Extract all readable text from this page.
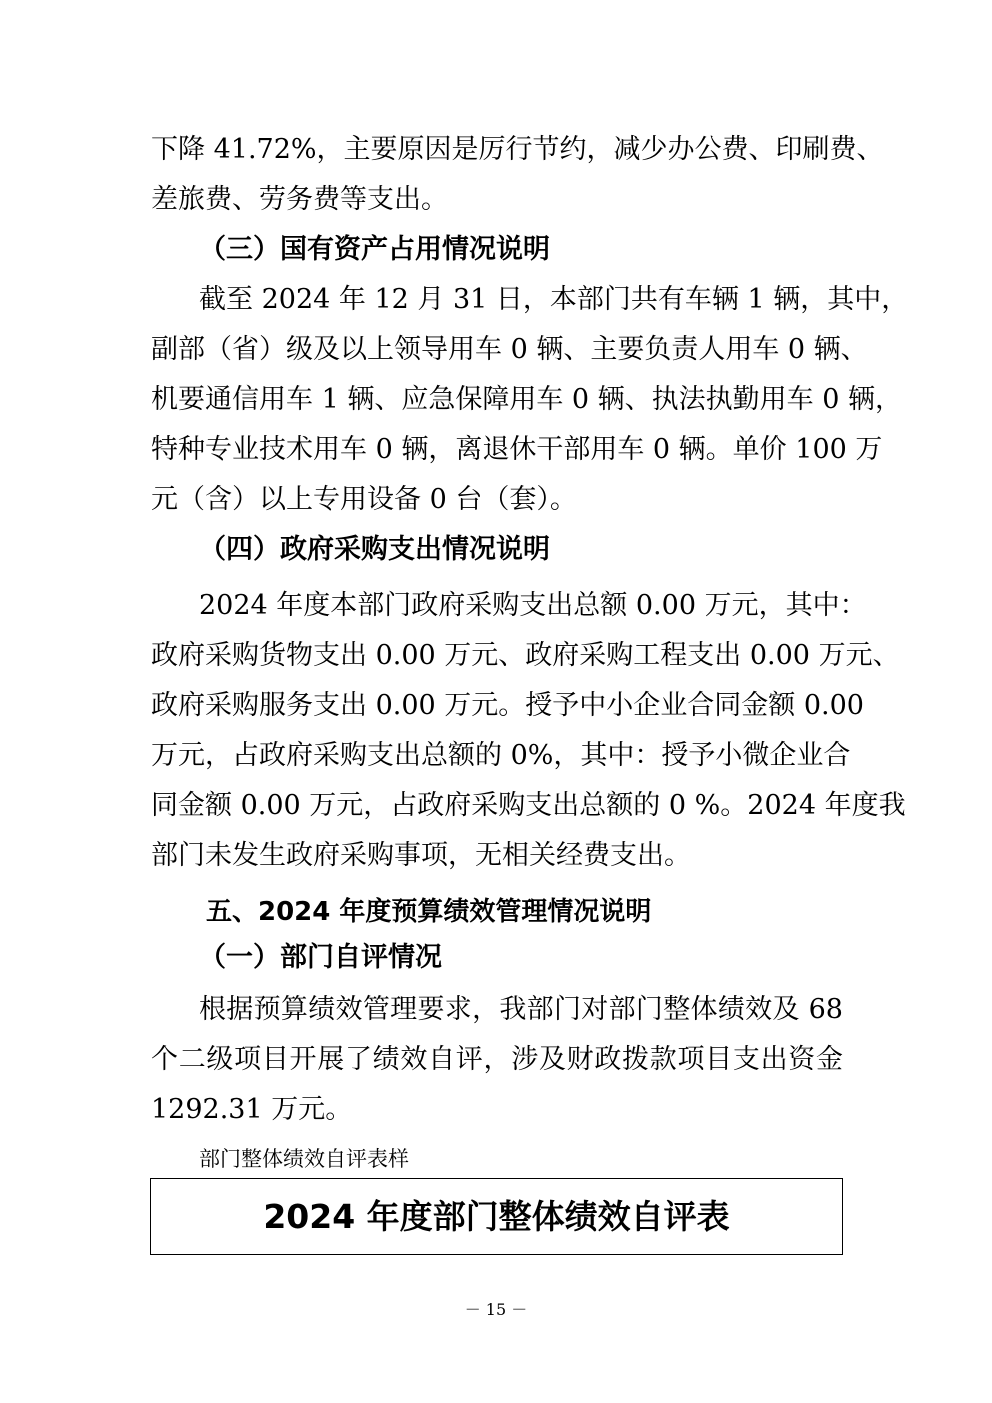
下降 41.72%，主要原因是厉行节约，减少办公费、印刷费、
差旅费、劳务费等支出。
（三）国有资产占用情况说明
截至 2024 年 12 月 31 日，本部门共有车辆 1 辆，其中，
副部（省）级及以上领导用车 0 辆、主要负责人用车 0 辆、
机要通信用车 1 辆、应急保障用车 0 辆、执法执勤用车 0 辆，
特种专业技术用车 0 辆，离退休干部用车 0 辆。单价 100 万
元（含）以上专用设备 0 台（套）。
（四）政府采购支出情况说明
2024 年度本部门政府采购支出总额 0.00 万元，其中：
政府采购货物支出 0.00 万元、政府采购工程支出 0.00 万元、
政府采购服务支出 0.00 万元。授予中小企业合同金额 0.00
万元，占政府采购支出总额的 0%，其中：授予小微企业合
同金额 0.00 万元，占政府采购支出总额的 0 %。2024 年度我
部门未发生政府采购事项，无相关经费支出。
五、2024 年度预算绩效管理情况说明
（一）部门自评情况
根据预算绩效管理要求，我部门对部门整体绩效及 68
个二级项目开展了绩效自评，涉及财政拨款项目支出资金
1292.31 万元。
部门整体绩效自评表样
2024 年度部门整体绩效自评表
－ 15 －
